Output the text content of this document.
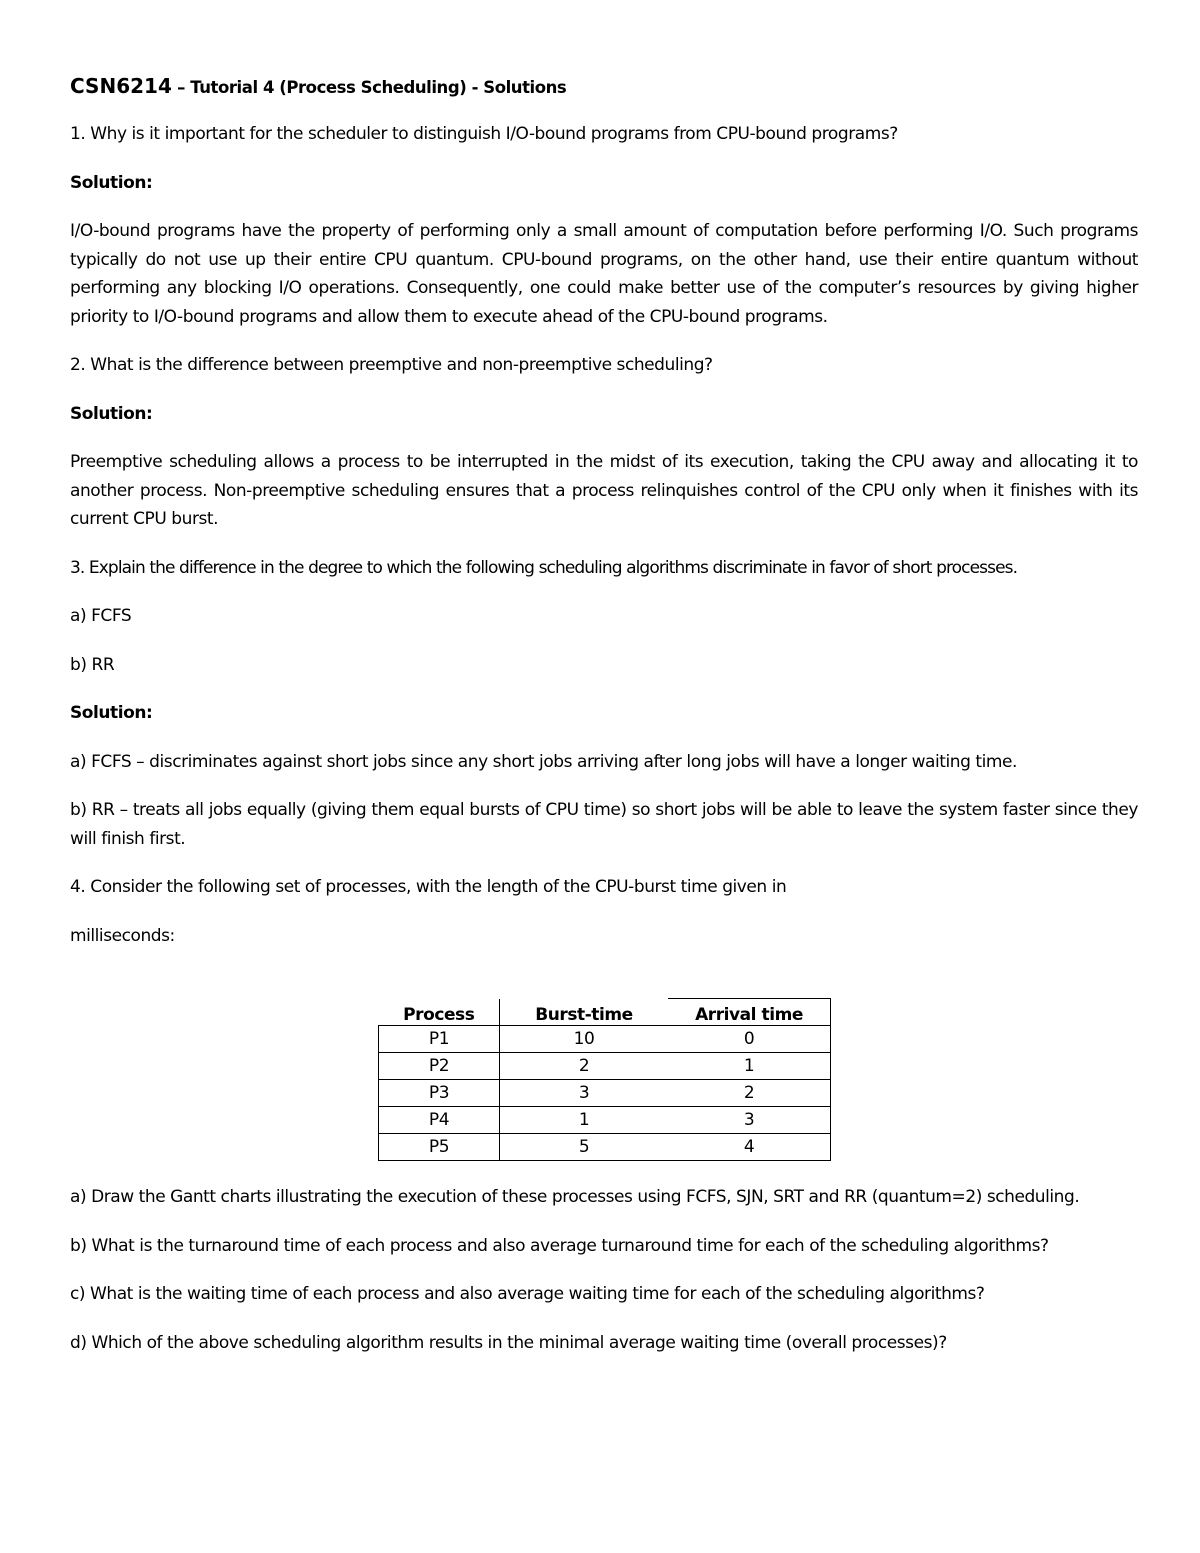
CSN6214 – Tutorial 4 (Process Scheduling) - Solutions
1. Why is it important for the scheduler to distinguish I/O-bound programs from CPU-bound programs?
Solution:
I/O-bound programs have the property of performing only a small amount of computation before performing I/O. Such programs typically do not use up their entire CPU quantum. CPU-bound programs, on the other hand, use their entire quantum without performing any blocking I/O operations. Consequently, one could make better use of the computer’s resources by giving higher priority to I/O-bound programs and allow them to execute ahead of the CPU-bound programs.
2. What is the difference between preemptive and non-preemptive scheduling?
Solution:
Preemptive scheduling allows a process to be interrupted in the midst of its execution, taking the CPU away and allocating it to another process. Non-preemptive scheduling ensures that a process relinquishes control of the CPU only when it finishes with its current CPU burst.
3. Explain the difference in the degree to which the following scheduling algorithms discriminate in favor of short processes.
a) FCFS
b) RR
Solution:
a) FCFS – discriminates against short jobs since any short jobs arriving after long jobs will have a longer waiting time.
b) RR – treats all jobs equally (giving them equal bursts of CPU time) so short jobs will be able to leave the system faster since they will finish first.
4. Consider the following set of processes, with the length of the CPU-burst time given in
milliseconds:
Process	Burst-time	Arrival time
P1	10	0
P2	2	1
P3	3	2
P4	1	3
P5	5	4
a) Draw the Gantt charts illustrating the execution of these processes using FCFS, SJN, SRT and RR (quantum=2) scheduling.
b) What is the turnaround time of each process and also average turnaround time for each of the scheduling algorithms?
c) What is the waiting time of each process and also average waiting time for each of the scheduling algorithms?
d) Which of the above scheduling algorithm results in the minimal average waiting time (overall processes)?
